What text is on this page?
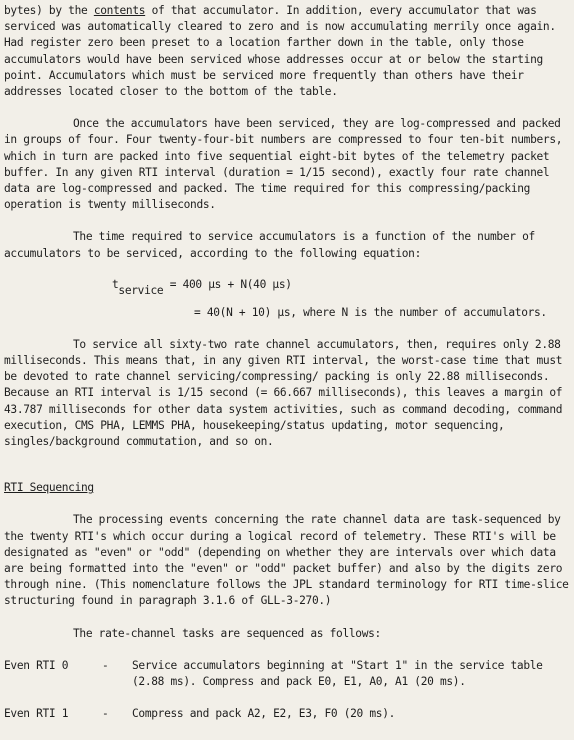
bytes) by the contents of that accumulator. In addition, every accumulator that was serviced was automatically cleared to zero and is now accumulating merrily once again. Had register zero been preset to a location farther down in the table, only those accumulators would have been serviced whose addresses occur at or below the starting point. Accumulators which must be serviced more frequently than others have their addresses located closer to the bottom of the table.

Once the accumulators have been serviced, they are log-compressed and packed in groups of four. Four twenty-four-bit numbers are compressed to four ten-bit numbers, which in turn are packed into five sequential eight-bit bytes of the telemetry packet buffer. In any given RTI interval (duration = 1/15 second), exactly four rate channel data are log-compressed and packed. The time required for this compressing/packing operation is twenty milliseconds.

The time required to service accumulators is a function of the number of accumulators to be serviced, according to the following equation:

tservice = 400 µs + N(40 µs)
= 40(N + 10) µs, where N is the number of accumulators.

To service all sixty-two rate channel accumulators, then, requires only 2.88 milliseconds. This means that, in any given RTI interval, the worst-case time that must be devoted to rate channel servicing/compressing/ packing is only 22.88 milliseconds. Because an RTI interval is 1/15 second (= 66.667 milliseconds), this leaves a margin of 43.787 milliseconds for other data system activities, such as command decoding, command execution, CMS PHA, LEMMS PHA, housekeeping/status updating, motor sequencing, singles/background commutation, and so on.

RTI Sequencing

The processing events concerning the rate channel data are task-sequenced by the twenty RTI's which occur during a logical record of telemetry. These RTI's will be designated as "even" or "odd" (depending on whether they are intervals over which data are being formatted into the "even" or "odd" packet buffer) and also by the digits zero through nine. (This nomenclature follows the JPL standard terminology for RTI time-slice structuring found in paragraph 3.1.6 of GLL-3-270.)

The rate-channel tasks are sequenced as follows:

Even RTI 0	-	Service accumulators beginning at "Start 1" in the service table (2.88 ms). Compress and pack E0, E1, A0, A1 (20 ms).
Even RTI 1	-	Compress and pack A2, E2, E3, F0 (20 ms).
